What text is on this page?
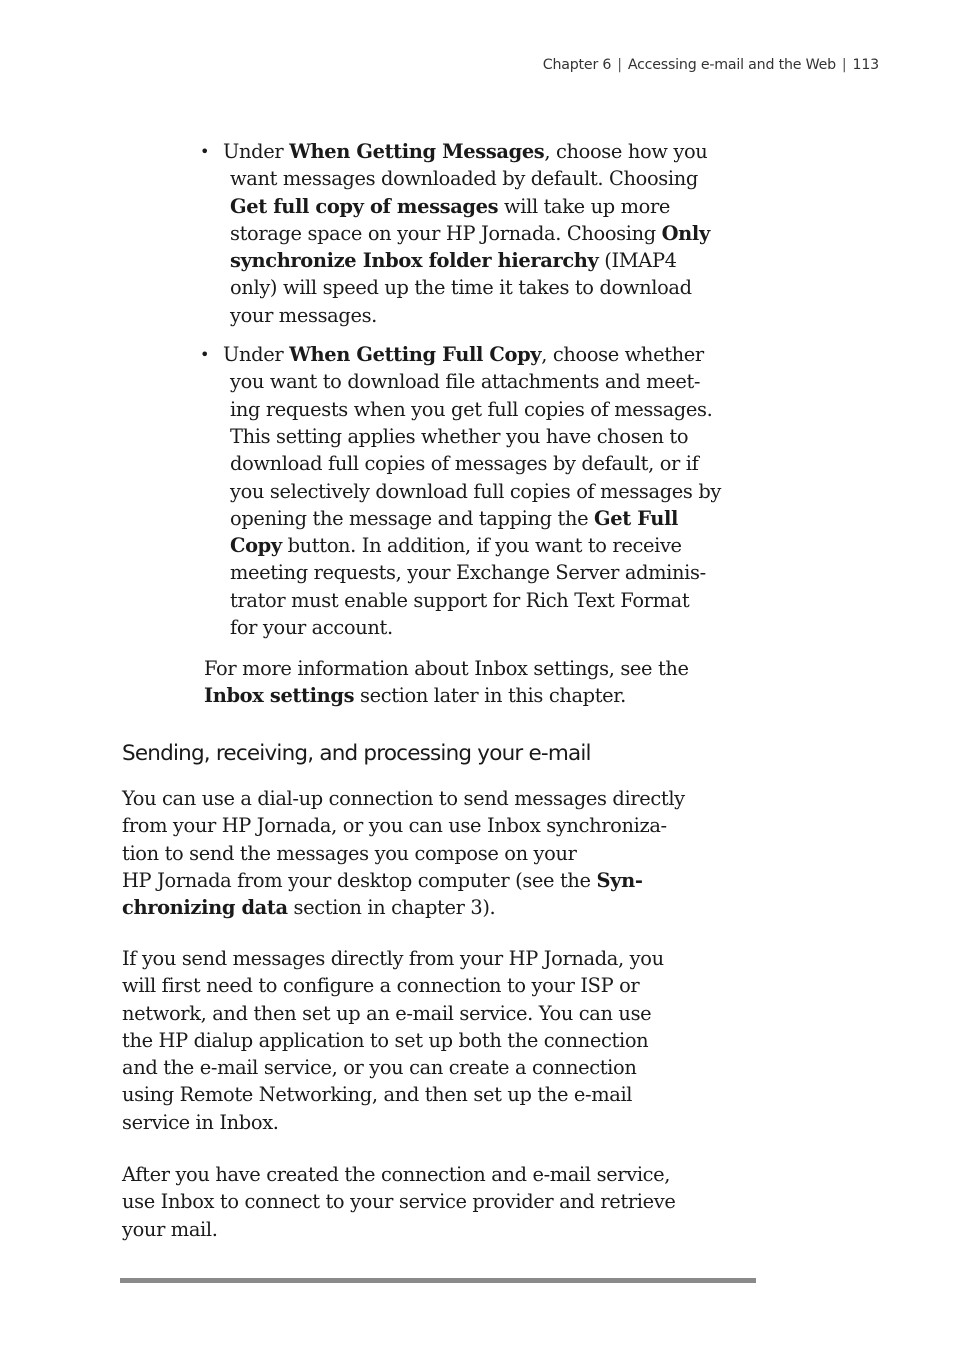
Chapter 6 | Accessing e-mail and the Web | 113
• Under When Getting Messages, choose how you
want messages downloaded by default. Choosing
Get full copy of messages will take up more
storage space on your HP Jornada. Choosing Only
synchronize Inbox folder hierarchy (IMAP4
only) will speed up the time it takes to download
your messages.
• Under When Getting Full Copy, choose whether
you want to download file attachments and meet-
ing requests when you get full copies of messages.
This setting applies whether you have chosen to
download full copies of messages by default, or if
you selectively download full copies of messages by
opening the message and tapping the Get Full
Copy button. In addition, if you want to receive
meeting requests, your Exchange Server adminis-
trator must enable support for Rich Text Format
for your account.
For more information about Inbox settings, see the
Inbox settings section later in this chapter.
Sending, receiving, and processing your e-mail
You can use a dial-up connection to send messages directly
from your HP Jornada, or you can use Inbox synchroniza-
tion to send the messages you compose on your
HP Jornada from your desktop computer (see the Syn-
chronizing data section in chapter 3).
If you send messages directly from your HP Jornada, you
will first need to configure a connection to your ISP or
network, and then set up an e-mail service. You can use
the HP dialup application to set up both the connection
and the e-mail service, or you can create a connection
using Remote Networking, and then set up the e-mail
service in Inbox.
After you have created the connection and e-mail service,
use Inbox to connect to your service provider and retrieve
your mail.
